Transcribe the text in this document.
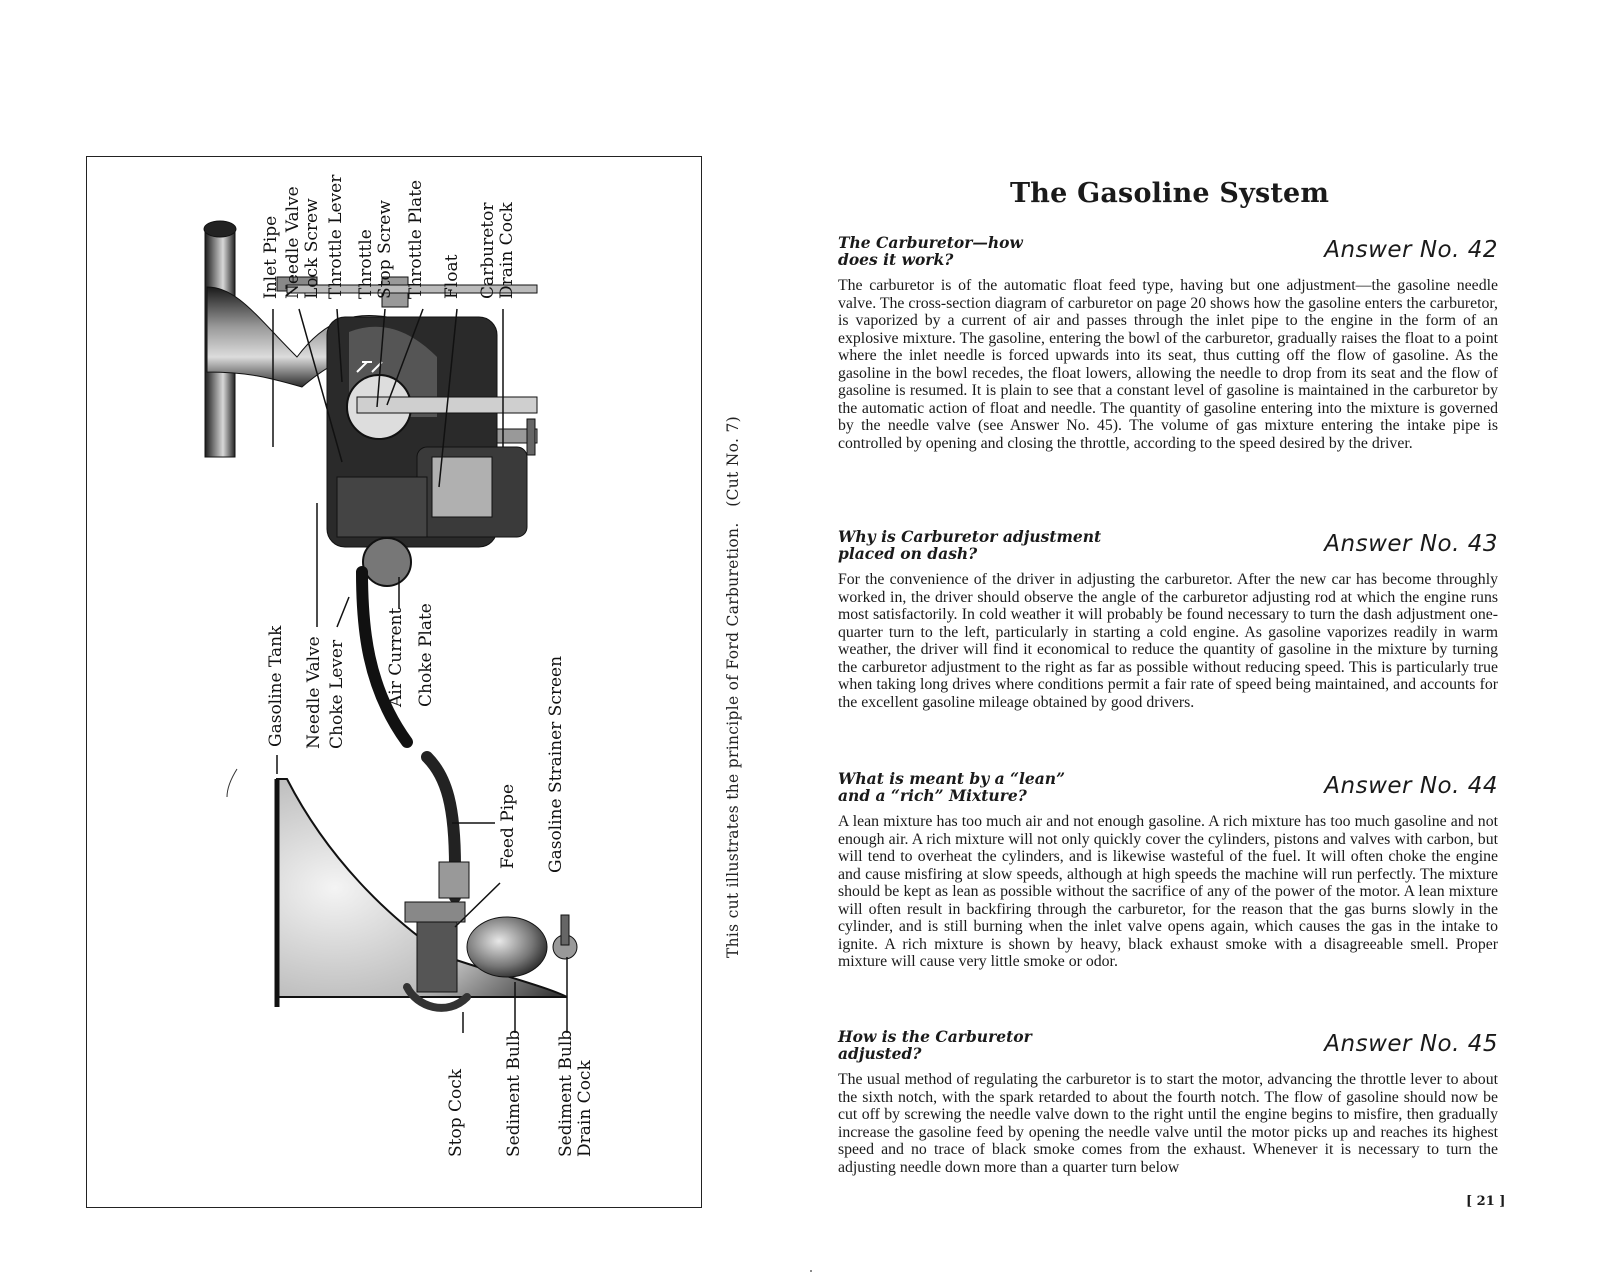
Inlet Pipe Needle Valve Lock Screw Throttle Lever Throttle Stop Screw Throttle Plate Float Carburetor Drain Cock
Gasoline Tank Needle Valve Choke Lever Air Current Choke Plate
Gasoline Strainer Screen
Feed Pipe
Stop Cock Sediment Bulb Sediment Bulb Drain Cock
This cut illustrates the principle of Ford Carburetion.   (Cut No. 7)
The Gasoline System
The Carburetor—how
does it work?	Answer No. 42
The carburetor is of the automatic float feed type, having but one adjustment—the gasoline needle valve. The cross-section diagram of carburetor on page 20 shows how the gasoline enters the carburetor, is vaporized by a current of air and passes through the inlet pipe to the engine in the form of an explosive mixture. The gasoline, entering the bowl of the carburetor, gradually raises the float to a point where the inlet needle is forced upwards into its seat, thus cutting off the flow of gasoline. As the gasoline in the bowl recedes, the float lowers, allowing the needle to drop from its seat and the flow of gasoline is resumed. It is plain to see that a constant level of gasoline is maintained in the carburetor by the automatic action of float and needle. The quantity of gasoline entering into the mixture is governed by the needle valve (see Answer No. 45). The volume of gas mixture entering the intake pipe is controlled by opening and closing the throttle, according to the speed desired by the driver.
Why is Carburetor adjustment
placed on dash?	Answer No. 43
For the convenience of the driver in adjusting the carburetor. After the new car has become throughly worked in, the driver should observe the angle of the carburetor adjusting rod at which the engine runs most satisfactorily. In cold weather it will probably be found necessary to turn the dash adjustment one-quarter turn to the left, particularly in starting a cold engine. As gasoline vaporizes readily in warm weather, the driver will find it economical to reduce the quantity of gasoline in the mixture by turning the carburetor adjustment to the right as far as possible without reducing speed. This is particularly true when taking long drives where conditions permit a fair rate of speed being maintained, and accounts for the excellent gasoline mileage obtained by good drivers.
What is meant by a “lean”
and a “rich” Mixture?	Answer No. 44
A lean mixture has too much air and not enough gasoline. A rich mixture has too much gasoline and not enough air. A rich mixture will not only quickly cover the cylinders, pistons and valves with carbon, but will tend to overheat the cylinders, and is likewise wasteful of the fuel. It will often choke the engine and cause misfiring at slow speeds, although at high speeds the machine will run perfectly. The mixture should be kept as lean as possible without the sacrifice of any of the power of the motor. A lean mixture will often result in backfiring through the carburetor, for the reason that the gas burns slowly in the cylinder, and is still burning when the inlet valve opens again, which causes the gas in the intake to ignite. A rich mixture is shown by heavy, black exhaust smoke with a disagreeable smell. Proper mixture will cause very little smoke or odor.
How is the Carburetor
adjusted?	Answer No. 45
The usual method of regulating the carburetor is to start the motor, advancing the throttle lever to about the sixth notch, with the spark retarded to about the fourth notch. The flow of gasoline should now be cut off by screwing the needle valve down to the right until the engine begins to misfire, then gradually increase the gasoline feed by opening the needle valve until the motor picks up and reaches its highest speed and no trace of black smoke comes from the exhaust. Whenever it is necessary to turn the adjusting needle down more than a quarter turn below
[ 21 ]
